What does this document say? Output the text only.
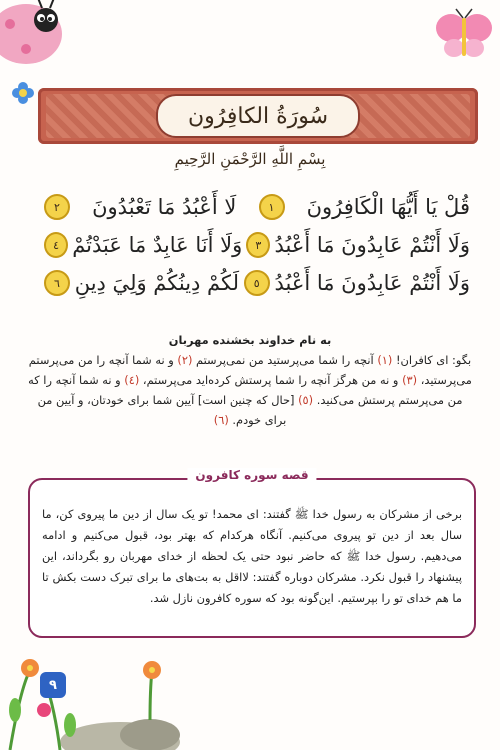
سُورَةُ الكافِرُون
بِسْمِ اللَّهِ الرَّحْمَنِ الرَّحِيمِ
قُلْ يَا أَيُّهَا الْكَافِرُونَ
١
لَا أَعْبُدُ مَا تَعْبُدُونَ
٢
وَلَا أَنْتُمْ عَابِدُونَ مَا أَعْبُدُ
٣
وَلَا أَنَا عَابِدٌ مَا عَبَدْتُمْ
٤
وَلَا أَنْتُمْ عَابِدُونَ مَا أَعْبُدُ
٥
لَكُمْ دِينُكُمْ وَلِيَ دِينِ
٦
به نام خداوند بخشنده مهربان
بگو: ای کافران! (١) آنچه را شما می‌پرستید من نمی‌پرستم (٢) و نه شما آنچه را من می‌پرستم می‌پرستید، (٣) و نه من هرگز آنچه را شما پرستش کرده‌اید می‌پرستم، (٤) و نه شما آنچه را که من می‌پرستم پرستش می‌کنید. (٥) [حال که چنین است] آیین شما برای خودتان، و آیین من برای خودم. (٦)
قصه سوره کافرون
برخی از مشرکان به رسول خدا ﷺ گفتند: ای محمد! تو یک سال از دین ما پیروی کن، ما سال بعد از دین تو پیروی می‌کنیم. آنگاه هرکدام که بهتر بود، قبول می‌کنیم و ادامه می‌دهیم. رسول خدا ﷺ که حاضر نبود حتی یک لحظه از خدای مهربان رو بگرداند، این پیشنهاد را قبول نکرد. مشرکان دوباره گفتند: لااقل به بت‌های ما برای تبرک دست بکش تا ما هم خدای تو را بپرستیم. این‌گونه بود که سوره کافرون نازل شد.
٩
